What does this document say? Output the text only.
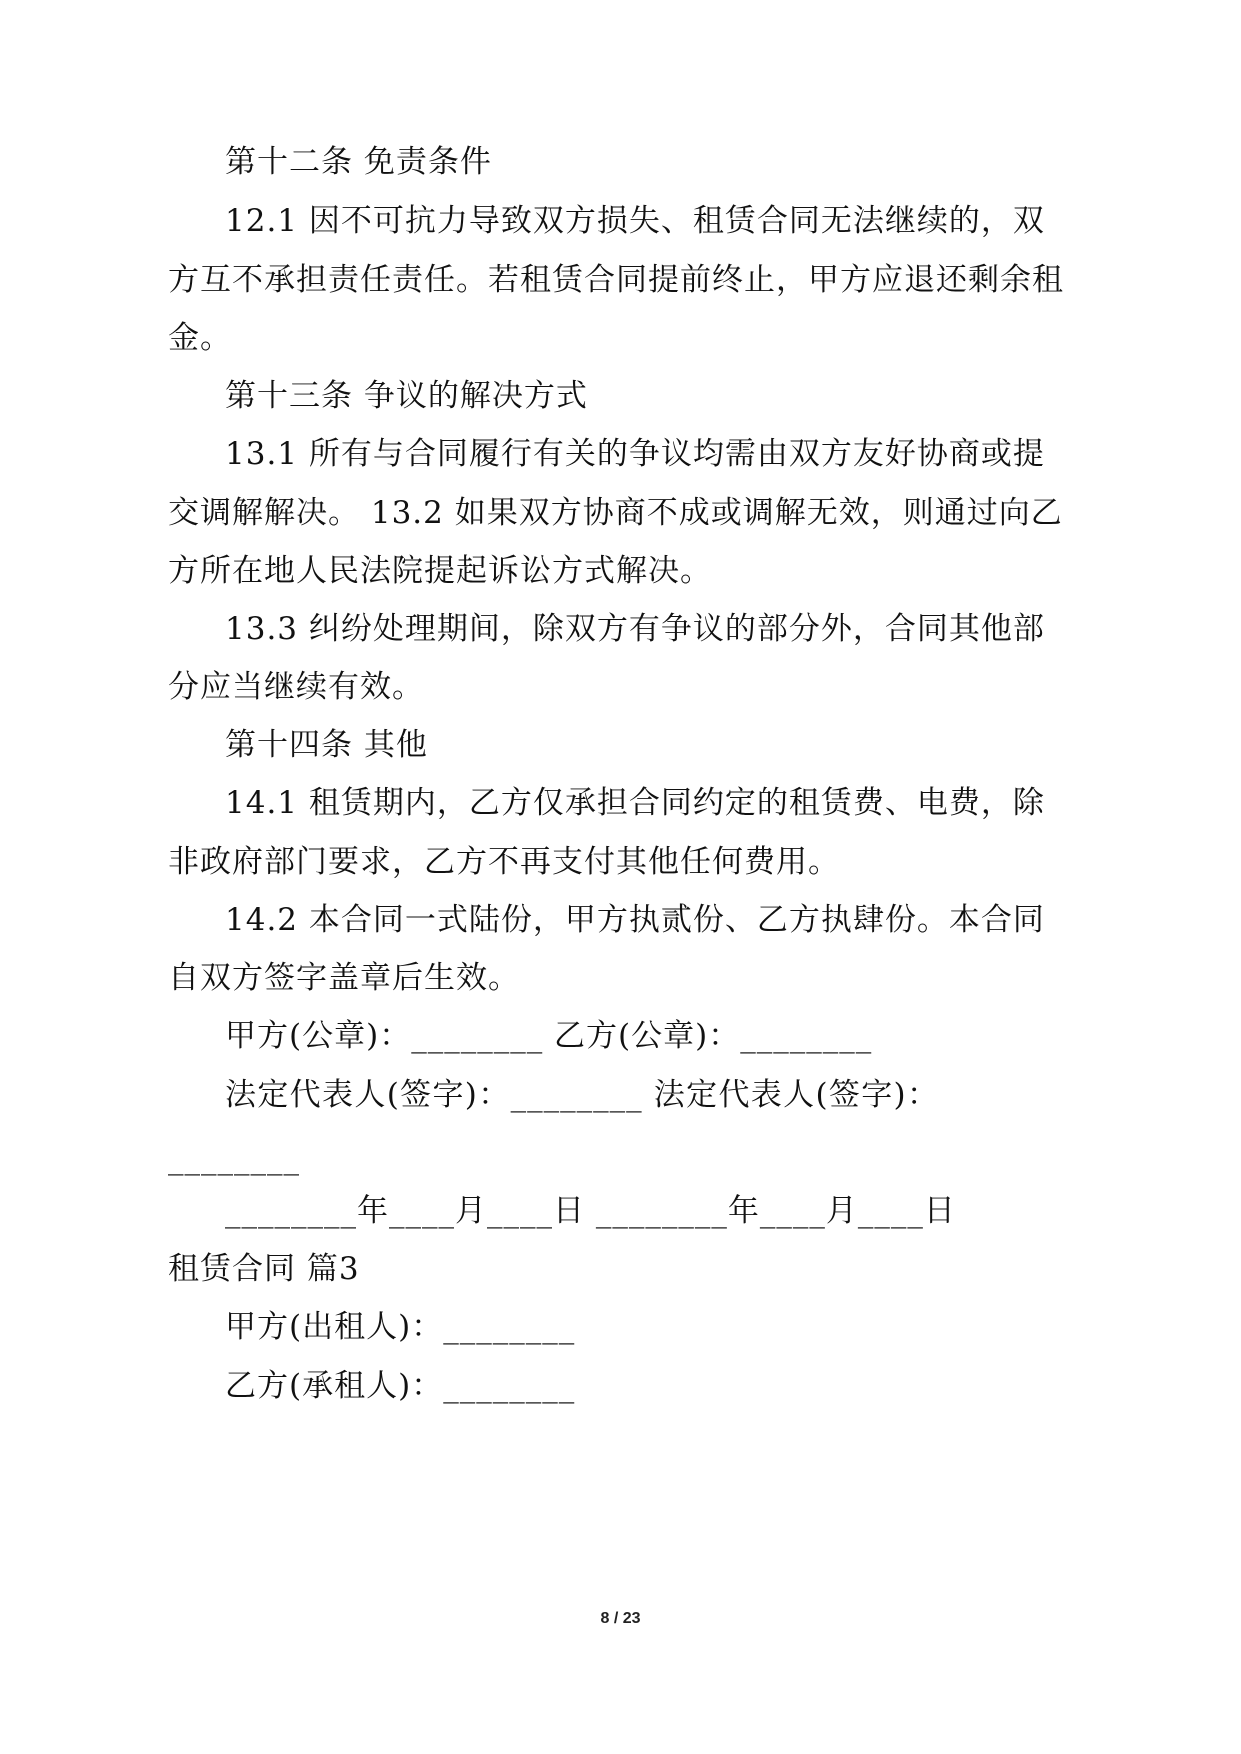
第十二条 免责条件
12.1 因不可抗力导致双方损失、租赁合同无法继续的，双
方互不承担责任责任。若租赁合同提前终止，甲方应退还剩余租
金。
第十三条 争议的解决方式
13.1 所有与合同履行有关的争议均需由双方友好协商或提
交调解解决。 13.2 如果双方协商不成或调解无效，则通过向乙
方所在地人民法院提起诉讼方式解决。
13.3 纠纷处理期间，除双方有争议的部分外，合同其他部
分应当继续有效。
第十四条 其他
14.1 租赁期内，乙方仅承担合同约定的租赁费、电费，除
非政府部门要求，乙方不再支付其他任何费用。
14.2 本合同一式陆份，甲方执贰份、乙方执肆份。本合同
自双方签字盖章后生效。
甲方(公章)：________ 乙方(公章)：________
法定代表人(签字)：________ 法定代表人(签字)：
________
________年____月____日 ________年____月____日
租赁合同 篇3
甲方(出租人)：________
乙方(承租人)：________
8 / 23
